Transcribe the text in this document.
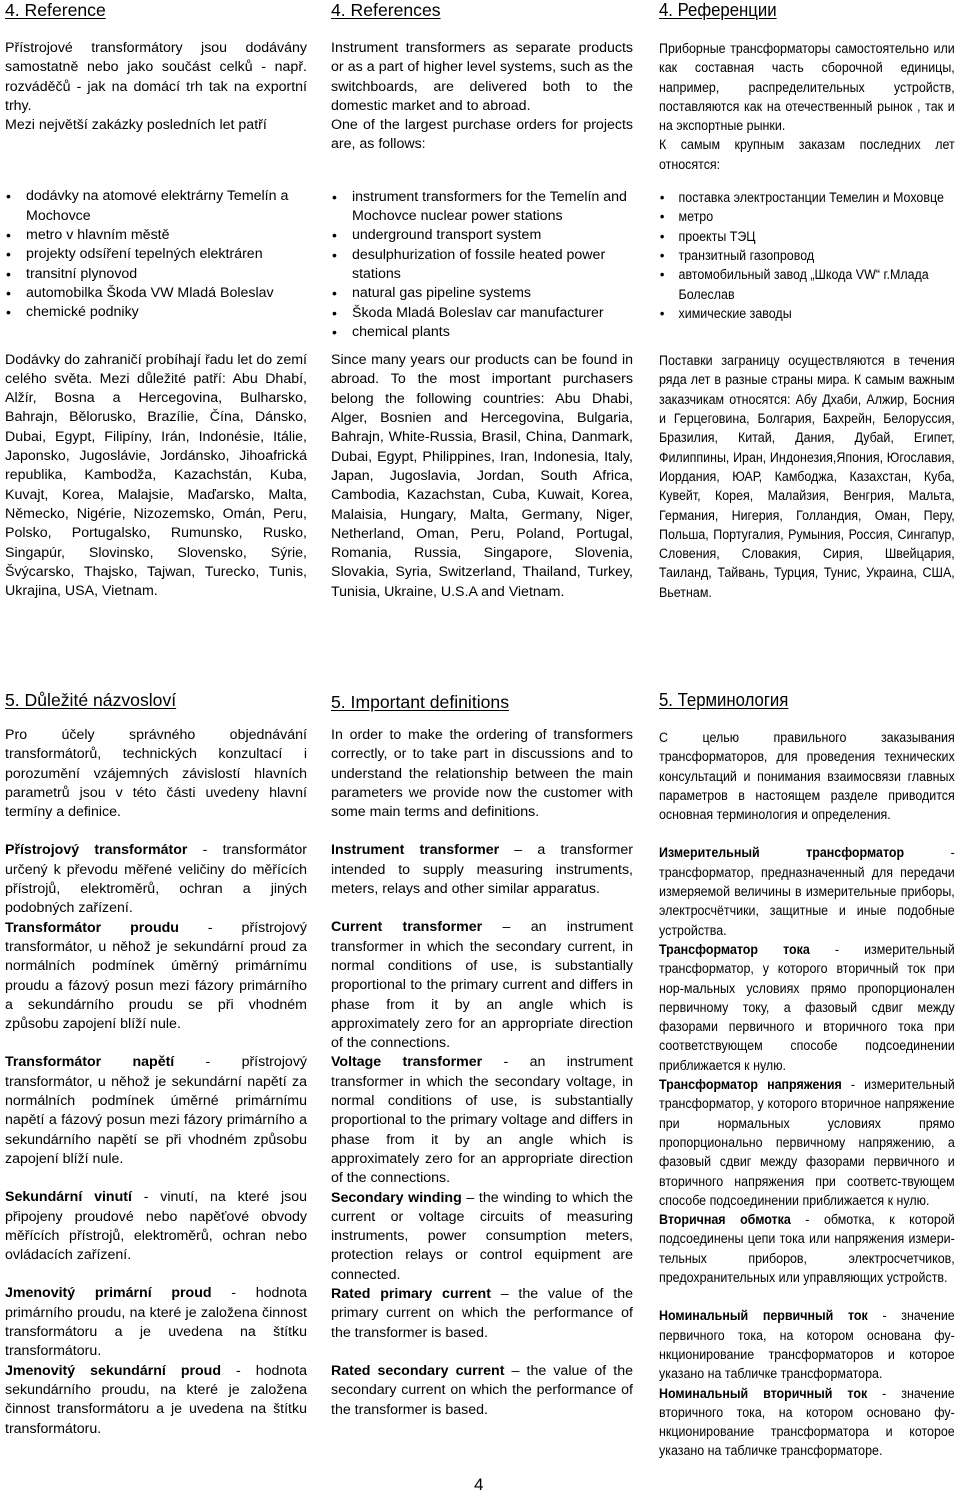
4. Reference

Přístrojové transformátory jsou dodávány samostatně nebo jako součást celků - např. rozváděčů - jak na domácí trh tak na exportní trhy.

Mezi největší zakázky posledních let patří

• dodávky na atomové elektrárny Temelín a Mochovce
• metro v hlavním městě
• projekty odsíření tepelných elektráren
• transitní plynovod
• automobilka Škoda VW Mladá Boleslav
• chemické podniky

Dodávky do zahraničí probíhají řadu let do zemí celého světa. Mezi důležité patří: Abu Dhabí, Alžír, Bosna a Hercegovina, Bulharsko, Bahrajn, Bělorusko, Brazílie, Čína, Dánsko, Dubai, Egypt, Filipíny, Irán, Indonésie, Itálie, Japonsko, Jugoslávie, Jordánsko, Jihoafrická republika, Kambodža, Kazachstán, Kuba, Kuvajt, Korea, Malajsie, Maďarsko, Malta, Německo, Nigérie, Nizozemsko, Omán, Peru, Polsko, Portugalsko, Rumunsko, Rusko, Singapúr, Slovinsko, Slovensko, Sýrie, Švýcarsko, Thajsko, Tajwan, Turecko, Tunis, Ukrajina, USA, Vietnam.

4. References

Instrument transformers as separate products or as a part of higher level systems, such as the switchboards, are delivered both to the domestic market and to abroad.

One of the largest purchase orders for projects are, as follows:

• instrument transformers for the Temelín and Mochovce nuclear power stations
• underground transport system
• desulphurization of fossile heated power stations
• natural gas pipeline systems
• Škoda Mladá Boleslav car manufacturer
• chemical plants

Since many years our products can be found in abroad. To the most important purchasers belong the following countries: Abu Dhabi, Alger, Bosnien and Hercegovina, Bulgaria, Bahrajn, White-Russia, Brasil, China, Danmark, Dubai, Egypt, Philippines, Iran, Indonesia, Italy, Japan, Jugoslavia, Jordan, South Africa, Cambodia, Kazachstan, Cuba, Kuwait, Korea, Malaisia, Hungary, Malta, Germany, Niger, Netherland, Oman, Peru, Poland, Portugal, Romania, Russia, Singapore, Slovenia, Slovakia, Syria, Switzerland, Thailand, Turkey, Tunisia, Ukraine, U.S.A and Vietnam.

4. Референции

Приборные трансформаторы самостоятельно или как составная часть сборочной единицы, например, распределительных устройств, поставляются как на отечественный рынок , так и на экспортные рынки.

К самым крупным заказам последних лет относятся:

• поставка электростанции Темелин и Моховце
• метро
• проекты ТЭЦ
• транзитный газопровод
• автомобильный завод „Шкода VW“ г.Млада Болеслав
• химические заводы

Поставки заграницу осуществляются в течения ряда лет в разные страны мира. К самым важным заказчикам относятся: Абу Дхаби, Алжир, Босния и Герцеговина, Болгария, Бахрейн, Белоруссия, Бразилия, Китай, Дания, Дубай, Египет, Филиппины, Иран, Индонезия,Япония, Югославия, Иордания, ЮАР, Камбоджа, Казахстан, Куба, Кувейт, Корея, Малайзия, Венгрия, Мальта, Германия, Нигерия, Голландия, Оман, Перу, Польша, Португалия, Румыния, Россия, Сингапур, Словения, Словакия, Сирия, Швейцария, Таиланд, Тайвань, Турция, Тунис, Украина, США, Вьетнам.

5. Důležité názvosloví

Pro účely správného objednávání transformátorů, technických konzultací i porozumění vzájemných závislostí hlavních parametrů jsou v této části uvedeny hlavní termíny a definice.

Přístrojový transformátor - transformátor určený k převodu měřené veličiny do měřících přístrojů, elektroměrů, ochran a jiných podobných zařízení.

Transformátor proudu - přístrojový transformátor, u něhož je sekundární proud za normálních podmínek úměrný primárnímu proudu a fázový posun mezi fázory primárního a sekundárního proudu se při vhodném způsobu zapojení blíží nule.

Transformátor napětí - přístrojový transformátor, u něhož je sekundární napětí za normálních podmínek úměrné primárnímu napětí a fázový posun mezi fázory primárního a sekundárního napětí se při vhodném způsobu zapojení blíží nule.

Sekundární vinutí - vinutí, na které jsou připojeny proudové nebo napěťové obvody měřících přístrojů, elektroměrů, ochran nebo ovládacích zařízení.

Jmenovitý primární proud - hodnota primárního proudu, na které je založena činnost transformátoru a je uvedena na štítku transformátoru.

Jmenovitý sekundární proud - hodnota sekundárního proudu, na které je založena činnost transformátoru a je uvedena na štítku transformátoru.

5. Important definitions

In order to make the ordering of transformers correctly, or to take part in discussions and to understand the relationship between the main parameters we provide now the customer with some main terms and definitions.

Instrument transformer – a transformer intended to supply measuring instruments, meters, relays and other similar apparatus.

Current transformer – an instrument transformer in which the secondary current, in normal conditions of use, is substantially proportional to the primary current and differs in phase from it by an angle which is approximately zero for an appropriate direction of the connections.

Voltage transformer - an instrument transformer in which the secondary voltage, in normal conditions of use, is substantially proportional to the primary voltage and differs in phase from it by an angle which is approximately zero for an appropriate direction of the connections.

Secondary winding – the winding to which the current or voltage circuits of measuring instruments, power consumption meters, protection relays or control equipment are connected.

Rated primary current – the value of the primary current on which the performance of the transformer is based.

Rated secondary current – the value of the secondary current on which the performance of the transformer is based.

5. Терминология

С целью правильного заказывания трансформаторов, для проведения технических консультаций и понимания взаимосвязи главных параметров в настоящем разделе приводится основная терминология и определения.

Измерительный трансформатор - трансформатор, предназначенный для передачи измеряемой величины в измерительные приборы, электросчётчики, защитные и иные подобные устройства.

Трансформатор тока - измерительный трансформатор, у которого вторичный ток при нор-мальных условиях прямо пропорционален первичному току, а фазовый сдвиг между фазорами первичного и вторичного тока при соответствующем способе подсоединении приближается к нулю.

Трансформатор напряжения - измерительный трансформатор, у которого вторичное напряжение при нормальных условиях прямо пропорционально первичному напряжению, а фазовый сдвиг между фазорами первичного и вторичного напряжения при соответс-твующем способе подсоединении приближается к нулю.

Вторичная обмотка - обмотка, к которой подсоединены цепи тока или напряжения измери-тельных приборов, электросчетчиков, предохранительных или управляющих устройств.

Номинальный первичный ток - значение первичного тока, на котором основана фу-нкционирование трансформаторов и которое указано на табличке трансформатора.

Номинальный вторичный ток - значение вторичного тока, на котором основано фу-нкционирование трансформатора и которое указано на табличке трансформаторе.

4
